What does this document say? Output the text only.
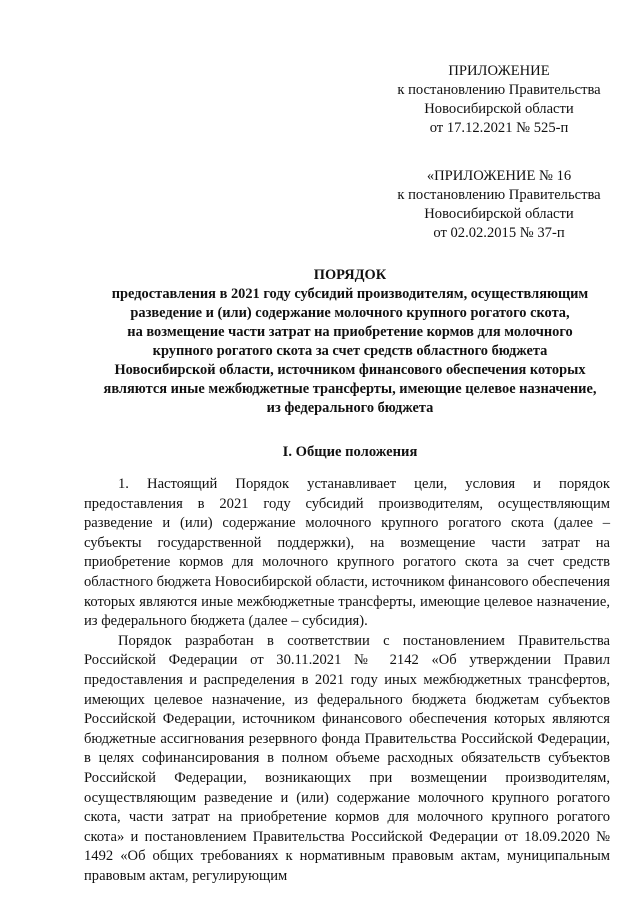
ПРИЛОЖЕНИЕ
к постановлению Правительства
Новосибирской области
от 17.12.2021 № 525-п
«ПРИЛОЖЕНИЕ № 16
к постановлению Правительства
Новосибирской области
от 02.02.2015 № 37-п
ПОРЯДОК
предоставления в 2021 году субсидий производителям, осуществляющим
разведение и (или) содержание молочного крупного рогатого скота,
на возмещение части затрат на приобретение кормов для молочного
крупного рогатого скота за счет средств областного бюджета
Новосибирской области, источником финансового обеспечения которых
являются иные межбюджетные трансферты, имеющие целевое назначение,
из федерального бюджета
I. Общие положения

1. Настоящий Порядок устанавливает цели, условия и порядок предоставления в 2021 году субсидий производителям, осуществляющим разведение и (или) содержание молочного крупного рогатого скота (далее – субъекты государственной поддержки), на возмещение части затрат на приобретение кормов для молочного крупного рогатого скота за счет средств областного бюджета Новосибирской области, источником финансового обеспечения которых являются иные межбюджетные трансферты, имеющие целевое назначение, из федерального бюджета (далее – субсидия).

Порядок разработан в соответствии с постановлением Правительства Российской Федерации от 30.11.2021 № 2142 «Об утверждении Правил предоставления и распределения в 2021 году иных межбюджетных трансфертов, имеющих целевое назначение, из федерального бюджета бюджетам субъектов Российской Федерации, источником финансового обеспечения которых являются бюджетные ассигнования резервного фонда Правительства Российской Федерации, в целях софинансирования в полном объеме расходных обязательств субъектов Российской Федерации, возникающих при возмещении производителям, осуществляющим разведение и (или) содержание молочного крупного рогатого скота, части затрат на приобретение кормов для молочного крупного рогатого скота» и постановлением Правительства Российской Федерации от 18.09.2020 № 1492 «Об общих требованиях к нормативным правовым актам, муниципальным правовым актам, регулирующим
